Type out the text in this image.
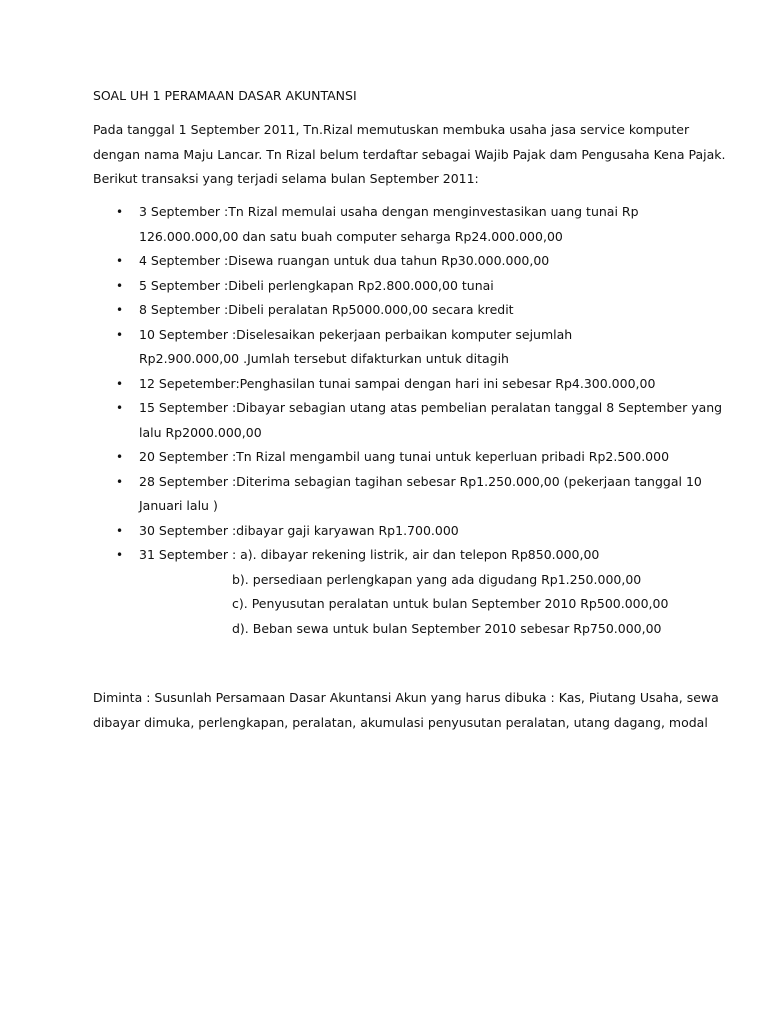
SOAL UH 1 PERAMAAN DASAR AKUNTANSI
Pada tanggal 1 September 2011, Tn.Rizal memutuskan membuka usaha jasa service komputer
dengan nama Maju Lancar. Tn Rizal belum terdaftar sebagai Wajib Pajak dam Pengusaha Kena Pajak.
Berikut transaksi yang terjadi selama bulan September 2011:
• 3 September :Tn Rizal memulai usaha dengan menginvestasikan uang tunai Rp
126.000.000,00 dan satu buah computer seharga Rp24.000.000,00
• 4 September :Disewa ruangan untuk dua tahun Rp30.000.000,00
• 5 September :Dibeli perlengkapan Rp2.800.000,00 tunai
• 8 September :Dibeli peralatan Rp5000.000,00 secara kredit
• 10 September :Diselesaikan pekerjaan perbaikan komputer sejumlah
Rp2.900.000,00 .Jumlah tersebut difakturkan untuk ditagih
• 12 Sepetember:Penghasilan tunai sampai dengan hari ini sebesar Rp4.300.000,00
• 15 September :Dibayar sebagian utang atas pembelian peralatan tanggal 8 September yang
lalu Rp2000.000,00
• 20 September :Tn Rizal mengambil uang tunai untuk keperluan pribadi Rp2.500.000
• 28 September :Diterima sebagian tagihan sebesar Rp1.250.000,00 (pekerjaan tanggal 10
Januari lalu )
• 30 September :dibayar gaji karyawan Rp1.700.000
• 31 September : a). dibayar rekening listrik, air dan telepon Rp850.000,00
b). persediaan perlengkapan yang ada digudang Rp1.250.000,00
c). Penyusutan peralatan untuk bulan September 2010 Rp500.000,00
d). Beban sewa untuk bulan September 2010 sebesar Rp750.000,00
Diminta : Susunlah Persamaan Dasar Akuntansi Akun yang harus dibuka : Kas, Piutang Usaha, sewa
dibayar dimuka, perlengkapan, peralatan, akumulasi penyusutan peralatan, utang dagang, modal
